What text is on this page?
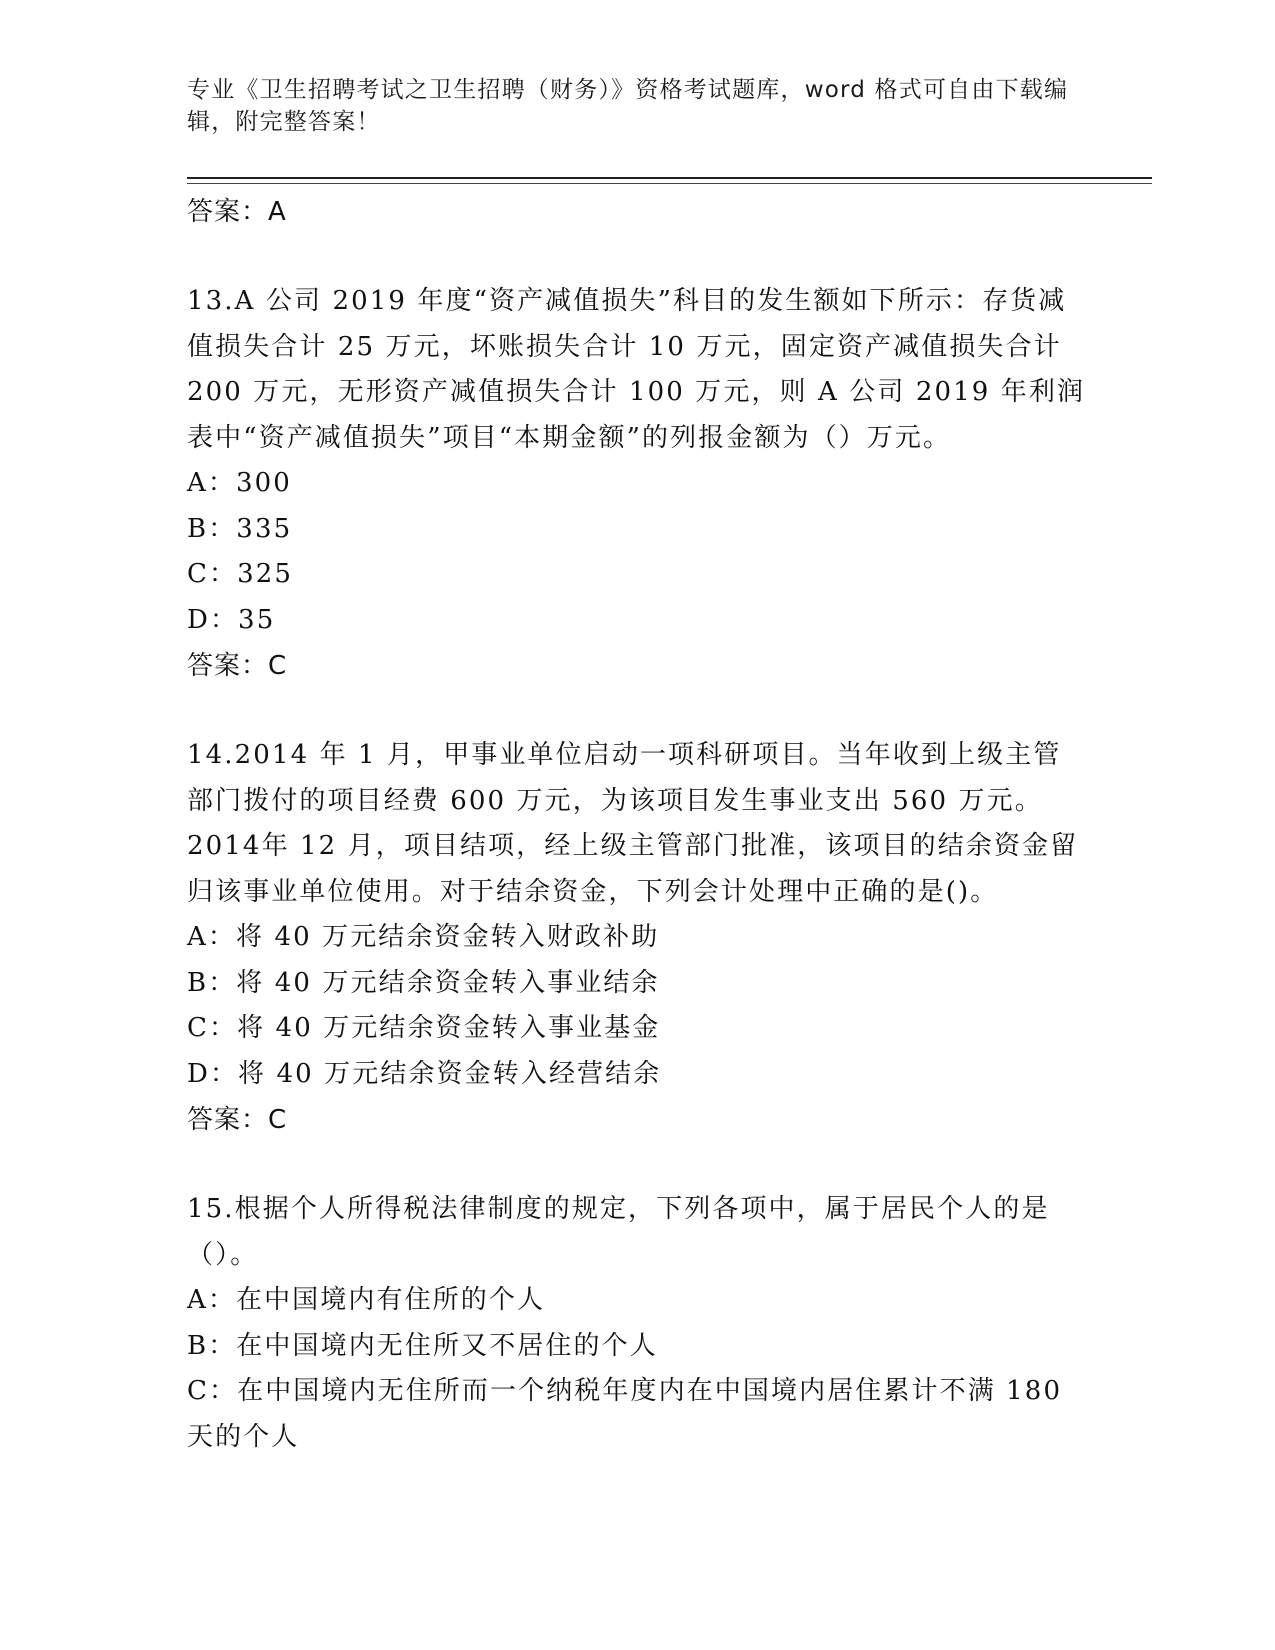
专业《卫生招聘考试之卫生招聘（财务）》资格考试题库，word 格式可自由下载编辑，附完整答案！

答案：A

13.A 公司 2019 年度“资产减值损失”科目的发生额如下所示：存货减值损失合计 25 万元，坏账损失合计 10 万元，固定资产减值损失合计200 万元，无形资产减值损失合计 100 万元，则 A 公司 2019 年利润表中“资产减值损失”项目“本期金额”的列报金额为（）万元。

A：300

B：335

C：325

D：35

答案：C

14.2014 年 1 月，甲事业单位启动一项科研项目。当年收到上级主管部门拨付的项目经费 600 万元，为该项目发生事业支出 560 万元。2014年 12 月，项目结项，经上级主管部门批准，该项目的结余资金留归该事业单位使用。对于结余资金，下列会计处理中正确的是()。

A：将 40 万元结余资金转入财政补助

B：将 40 万元结余资金转入事业结余

C：将 40 万元结余资金转入事业基金

D：将 40 万元结余资金转入经营结余

答案：C

15.根据个人所得税法律制度的规定，下列各项中，属于居民个人的是（）。

A：在中国境内有住所的个人

B：在中国境内无住所又不居住的个人

C：在中国境内无住所而一个纳税年度内在中国境内居住累计不满 180天的个人
